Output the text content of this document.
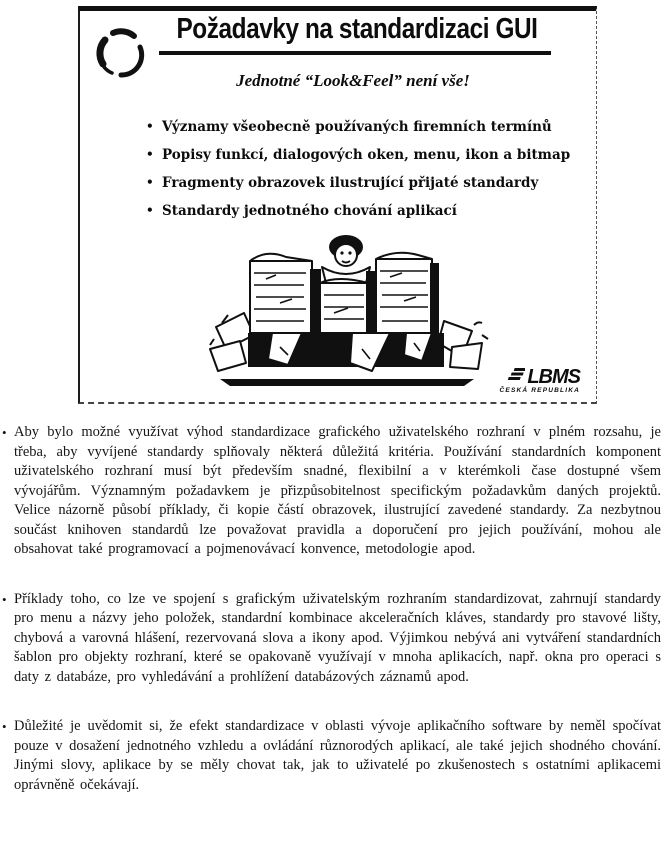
Požadavky na standardizaci GUI
Jednotné “Look&Feel” není vše!
• Významy všeobecně používaných firemních termínů
• Popisy funkcí, dialogových oken, menu, ikon a bitmap
• Fragmenty obrazovek ilustrující přijaté standardy
• Standardy jednotného chování aplikací
LBMS
ČESKÁ REPUBLIKA
• Aby bylo možné využívat výhod standardizace grafického uživatelského rozhraní v plném rozsahu, je třeba, aby vyvíjené standardy splňovaly některá důležitá kritéria. Používání standardních komponent uživatelského rozhraní musí být především snadné, flexibilní a v kterémkoli čase dostupné všem vývojářům. Významným požadavkem je přizpůsobitelnost specifickým požadavkům daných projektů. Velice názorně působí příklady, či kopie částí obrazovek, ilustrující zavedené standardy. Za nezbytnou součást knihoven standardů lze považovat pravidla a doporučení pro jejich používání, mohou ale obsahovat také programovací a pojmenovávací konvence, metodologie apod.

• Příklady toho, co lze ve spojení s grafickým uživatelským rozhraním standardizovat, zahrnují standardy pro menu a názvy jeho položek, standardní kombinace akceleračních kláves, standardy pro stavové lišty, chybová a varovná hlášení, rezervovaná slova a ikony apod. Výjimkou nebývá ani vytváření standardních šablon pro objekty rozhraní, které se opakovaně využívají v mnoha aplikacích, např. okna pro operaci s daty z databáze, pro vyhledávání a prohlížení databázových záznamů apod.

• Důležité je uvědomit si, že efekt standardizace v oblasti vývoje aplikačního software by neměl spočívat pouze v dosažení jednotného vzhledu a ovládání různorodých aplikací, ale také jejich shodného chování. Jinými slovy, aplikace by se měly chovat tak, jak to uživatelé po zkušenostech s ostatními aplikacemi oprávněně očekávají.
